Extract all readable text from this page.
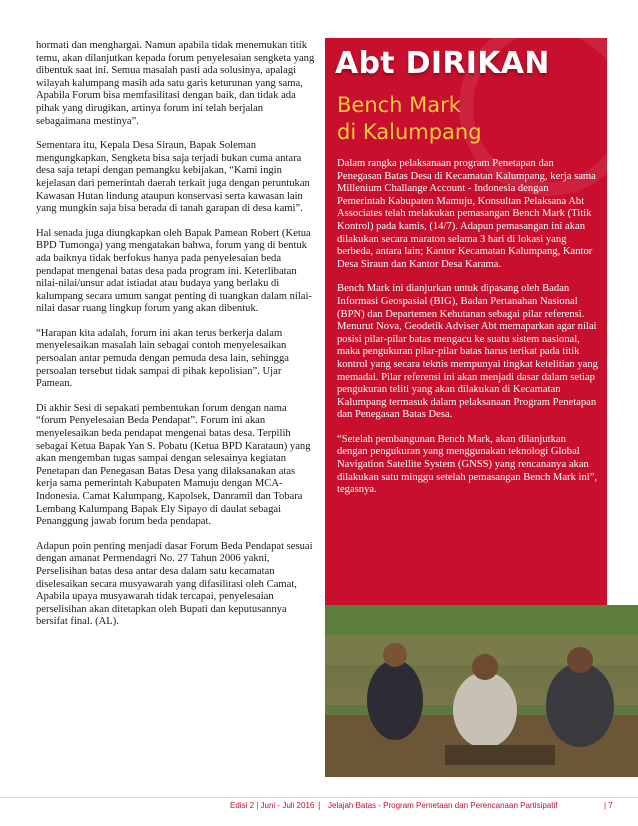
hormati dan menghargai. Namun apabila tidak menemukan titik temu, akan dilanjutkan kepada forum penyelesaian sengketa yang dibentuk saat ini. Semua masalah pasti ada solusinya, apalagi wilayah kalumpang masih ada satu garis keturunan yang sama, Apabila Forum bisa memfasilitasi dengan baik, dan tidak ada pihak yang dirugikan, artinya forum ini telah berjalan sebagaimana mestinya”.

Sementara itu, Kepala Desa Siraun, Bapak Soleman mengungkapkan, Sengketa bisa saja terjadi bukan cuma antara desa saja tetapi dengan pemangku kebijakan, “Kami ingin kejelasan dari pemerintah daerah terkait juga dengan peruntukan Kawasan Hutan lindung ataupun konservasi serta kawasan lain yang mungkin saja bisa berada di tanah garapan di desa kami”.

Hal senada juga diungkapkan oleh Bapak Pamean Robert (Ketua BPD Tumonga) yang mengatakan bahwa, forum yang di bentuk ada baiknya tidak berfokus hanya pada penyelesaian beda pendapat mengenai batas desa pada program ini. Keterlibatan nilai-nilai/unsur adat istiadat atau budaya yang berlaku di kalumpang secara umum sangat penting di tuangkan dalam nilai-nilai dasar ruang lingkup forum yang akan dibentuk.

“Harapan kita adalah, forum ini akan terus berkerja dalam menyelesaikan masalah lain sebagai contoh menyelesaikan persoalan antar pemuda dengan pemuda desa lain, sehingga persoalan tersebut tidak sampai di pihak kepolisian”. Ujar Pamean.

Di akhir Sesi di sepakati pembentukan forum dengan nama “forum Penyelesaian Beda Pendapat”. Forum ini akan menyelesaikan beda pendapat mengenai batas desa. Terpilih sebagai Ketua Bapak Yan S. Pobatu (Ketua BPD Karataun) yang akan mengemban tugas sampai dengan selesainya kegiatan Penetapan dan Penegasan Batas Desa yang dilaksanakan atas kerja sama pemerintah Kabupaten Mamuju dengan MCA-Indonesia. Camat Kalumpang, Kapolsek, Danramil dan Tobara Lembang Kalumpang Bapak Ely Sipayo di daulat sebagai Penanggung jawab forum beda pendapat.

Adapun poin penting menjadi dasar Forum Beda Pendapat sesuai dengan amanat Permendagri No. 27 Tahun 2006 yakni, Perselisihan batas desa antar desa dalam satu kecamatan diselesaikan secara musyawarah yang difasilitasi oleh Camat, Apabila upaya musyawarah tidak tercapai, penyelesaian perselisihan akan ditetapkan oleh Bupati dan keputusannya bersifat final. (AL).

Abt DIRIKAN
Bench Mark
di Kalumpang

Dalam rangka pelaksanaan program Penetapan dan Penegasan Batas Desa di Kecamatan Kalumpang, kerja sama Millenium Challange Account - Indonesia dengan Pemerintah Kabupaten Mamuju, Konsultan Pelaksana Abt Associates telah melakukan pemasangan Bench Mark (Titik Kontrol) pada kamis, (14/7). Adapun pemasangan ini akan dilakukan secara maraton selama 3 hari di lokasi yang berbeda, antara lain; Kantor Kecamatan Kalumpang, Kantor Desa Siraun dan Kantor Desa Karama.

Bench Mark ini dianjurkan untuk dipasang oleh Badan Informasi Geospasial (BIG), Badan Pertanahan Nasional (BPN) dan Departemen Kehutanan sebagai pilar referensi. Menurut Nova, Geodetik Adviser Abt memaparkan agar nilai posisi pilar-pilar batas mengacu ke suatu sistem nasional, maka pengukuran pilar-pilar batas harus terikat pada titik kontrol yang secara teknis mempunyai tingkat ketelitian yang memadai. Pilar referensi ini akan menjadi dasar dalam setiap pengukuran teliti yang akan dilakukan di Kecamatan Kalumpang termasuk dalam pelaksanaan Program Penetapan dan Penegasan Batas Desa.

“Setelah pembangunan Bench Mark, akan dilanjutkan dengan pengukuran yang menggunakan teknologi Global Navigation Satellite System (GNSS) yang rencananya akan dilakukan satu minggu setelah pemasangan Bench Mark ini”, tegasnya.

Edisi 2 | Juni - Juli 2016 | Jelajah Batas - Program Pemetaan dan Perencanaan Partisipatif	| 7
